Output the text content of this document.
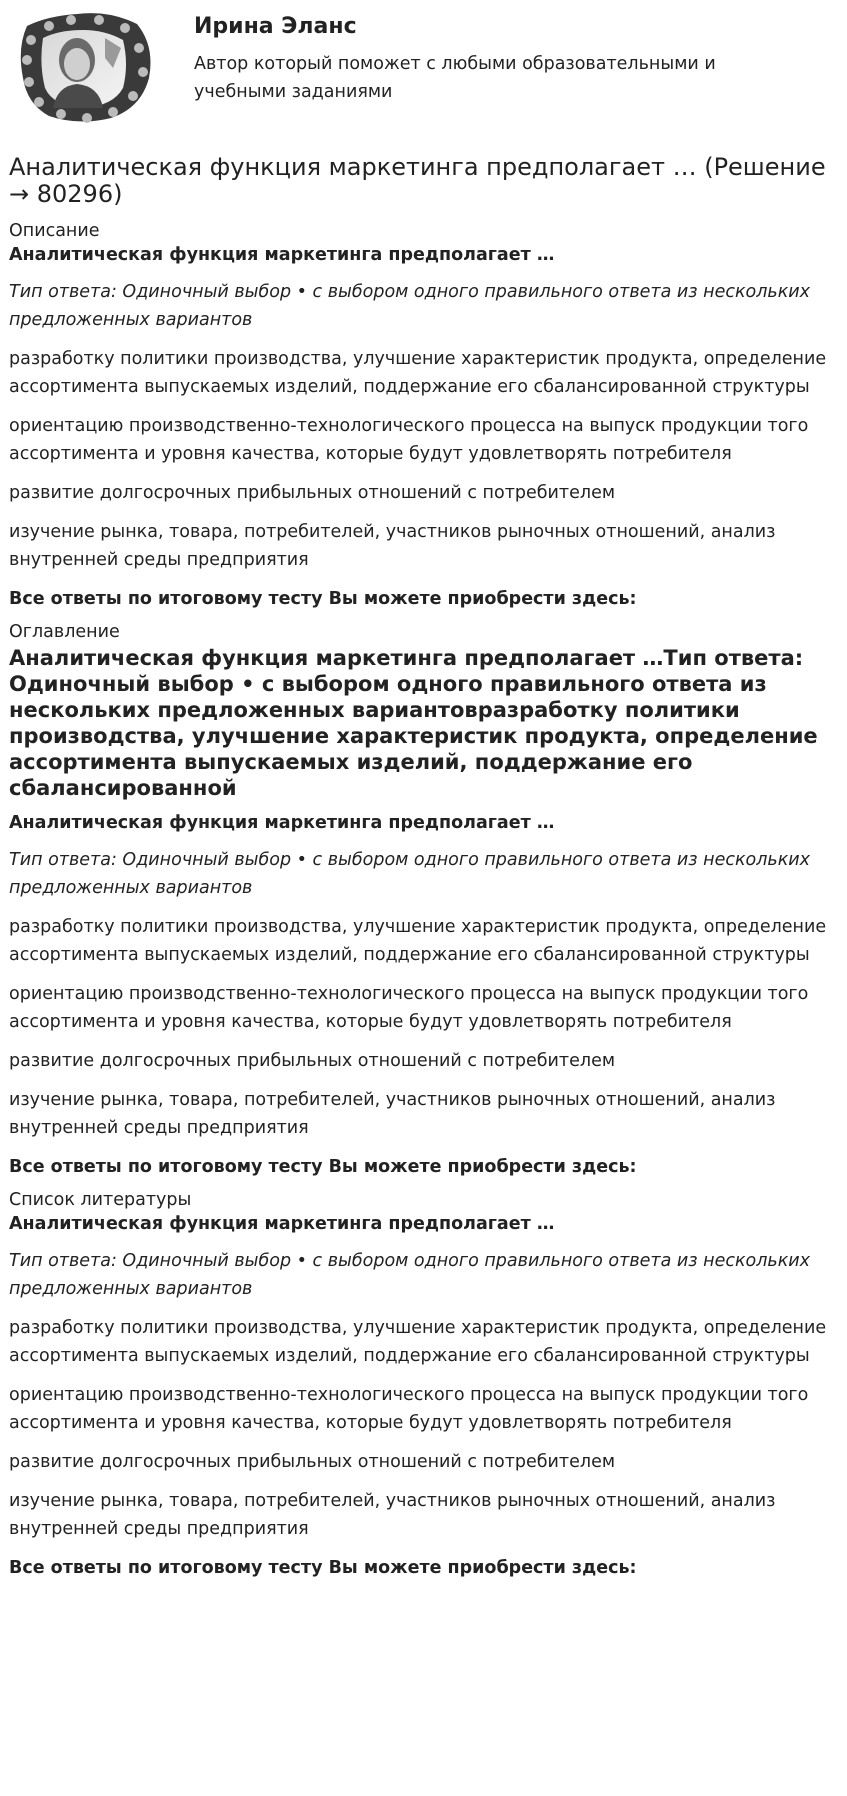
Ирина Эланс

Автор который поможет с любыми образовательными и учебными заданиями

Аналитическая функция маркетинга предполагает … (Решение → 80296)
Описание
Аналитическая функция маркетинга предполагает …
Тип ответа: Одиночный выбор • с выбором одного правильного ответа из нескольких предложенных вариантов
разработку политики производства, улучшение характеристик продукта, определение ассортимента выпускаемых изделий, поддержание его сбалансированной структуры
ориентацию производственно-технологического процесса на выпуск продукции того ассортимента и уровня качества, которые будут удовлетворять потребителя
развитие долгосрочных прибыльных отношений с потребителем
изучение рынка, товара, потребителей, участников рыночных отношений, анализ внутренней среды предприятия
Все ответы по итоговому тесту Вы можете приобрести здесь:
Оглавление
Аналитическая функция маркетинга предполагает …Тип ответа: Одиночный выбор • с выбором одного правильного ответа из нескольких предложенных вариантовразработку политики производства, улучшение характеристик продукта, определение ассортимента выпускаемых изделий, поддержание его сбалансированной
Аналитическая функция маркетинга предполагает …
Тип ответа: Одиночный выбор • с выбором одного правильного ответа из нескольких предложенных вариантов
разработку политики производства, улучшение характеристик продукта, определение ассортимента выпускаемых изделий, поддержание его сбалансированной структуры
ориентацию производственно-технологического процесса на выпуск продукции того ассортимента и уровня качества, которые будут удовлетворять потребителя
развитие долгосрочных прибыльных отношений с потребителем
изучение рынка, товара, потребителей, участников рыночных отношений, анализ внутренней среды предприятия
Все ответы по итоговому тесту Вы можете приобрести здесь:
Список литературы
Аналитическая функция маркетинга предполагает …
Тип ответа: Одиночный выбор • с выбором одного правильного ответа из нескольких предложенных вариантов
разработку политики производства, улучшение характеристик продукта, определение ассортимента выпускаемых изделий, поддержание его сбалансированной структуры
ориентацию производственно-технологического процесса на выпуск продукции того ассортимента и уровня качества, которые будут удовлетворять потребителя
развитие долгосрочных прибыльных отношений с потребителем
изучение рынка, товара, потребителей, участников рыночных отношений, анализ внутренней среды предприятия
Все ответы по итоговому тесту Вы можете приобрести здесь:
